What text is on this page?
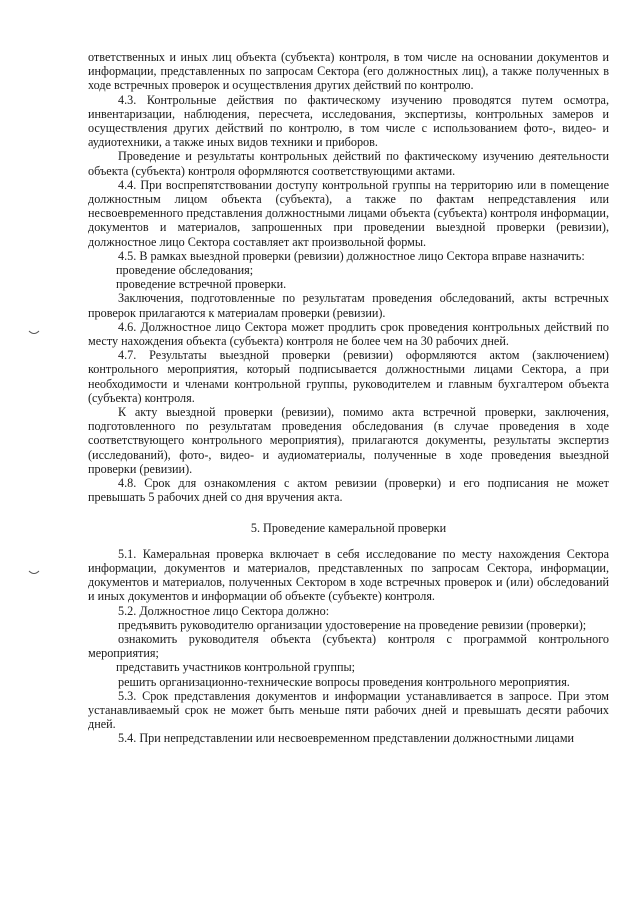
ответственных и иных лиц объекта (субъекта) контроля, в том числе на основании документов и информации, представленных по запросам Сектора (его должностных лиц), а также полученных в ходе встречных проверок и осуществления других действий по контролю.

4.3. Контрольные действия по фактическому изучению проводятся путем осмотра, инвентаризации, наблюдения, пересчета, исследования, экспертизы, контрольных замеров и осуществления других действий по контролю, в том числе с использованием фото-, видео- и аудиотехники, а также иных видов техники и приборов.

Проведение и результаты контрольных действий по фактическому изучению деятельности объекта (субъекта) контроля оформляются соответствующими актами.

4.4. При воспрепятствовании доступу контрольной группы на территорию или в помещение должностным лицом объекта (субъекта), а также по фактам непредставления или несвоевременного представления должностными лицами объекта (субъекта) контроля информации, документов и материалов, запрошенных при проведении выездной проверки (ревизии), должностное лицо Сектора составляет акт произвольной формы.

4.5. В рамках выездной проверки (ревизии) должностное лицо Сектора вправе назначить:

проведение обследования;

проведение встречной проверки.

Заключения, подготовленные по результатам проведения обследований, акты встречных проверок прилагаются к материалам проверки (ревизии).

4.6. Должностное лицо Сектора может продлить срок проведения контрольных действий по месту нахождения объекта (субъекта) контроля не более чем на 30 рабочих дней.

4.7. Результаты выездной проверки (ревизии) оформляются актом (заключением) контрольного мероприятия, который подписывается должностными лицами Сектора, а при необходимости и членами контрольной группы, руководителем и главным бухгалтером объекта (субъекта) контроля.

К акту выездной проверки (ревизии), помимо акта встречной проверки, заключения, подготовленного по результатам проведения обследования (в случае проведения в ходе соответствующего контрольного мероприятия), прилагаются документы, результаты экспертиз (исследований), фото-, видео- и аудиоматериалы, полученные в ходе проведения выездной проверки (ревизии).

4.8. Срок для ознакомления с актом ревизии (проверки) и его подписания не может превышать 5 рабочих дней со дня вручения акта.

5. Проведение камеральной проверки

5.1. Камеральная проверка включает в себя исследование по месту нахождения Сектора информации, документов и материалов, представленных по запросам Сектора, информации, документов и материалов, полученных Сектором в ходе встречных проверок и (или) обследований и иных документов и информации об объекте (субъекте) контроля.

5.2. Должностное лицо Сектора должно:

предъявить руководителю организации удостоверение на проведение ревизии (проверки);

ознакомить руководителя объекта (субъекта) контроля с программой контрольного мероприятия;

представить участников контрольной группы;

решить организационно-технические вопросы проведения контрольного мероприятия.

5.3. Срок представления документов и информации устанавливается в запросе. При этом устанавливаемый срок не может быть меньше пяти рабочих дней и превышать десяти рабочих дней.

5.4. При непредставлении или несвоевременном представлении должностными лицами
